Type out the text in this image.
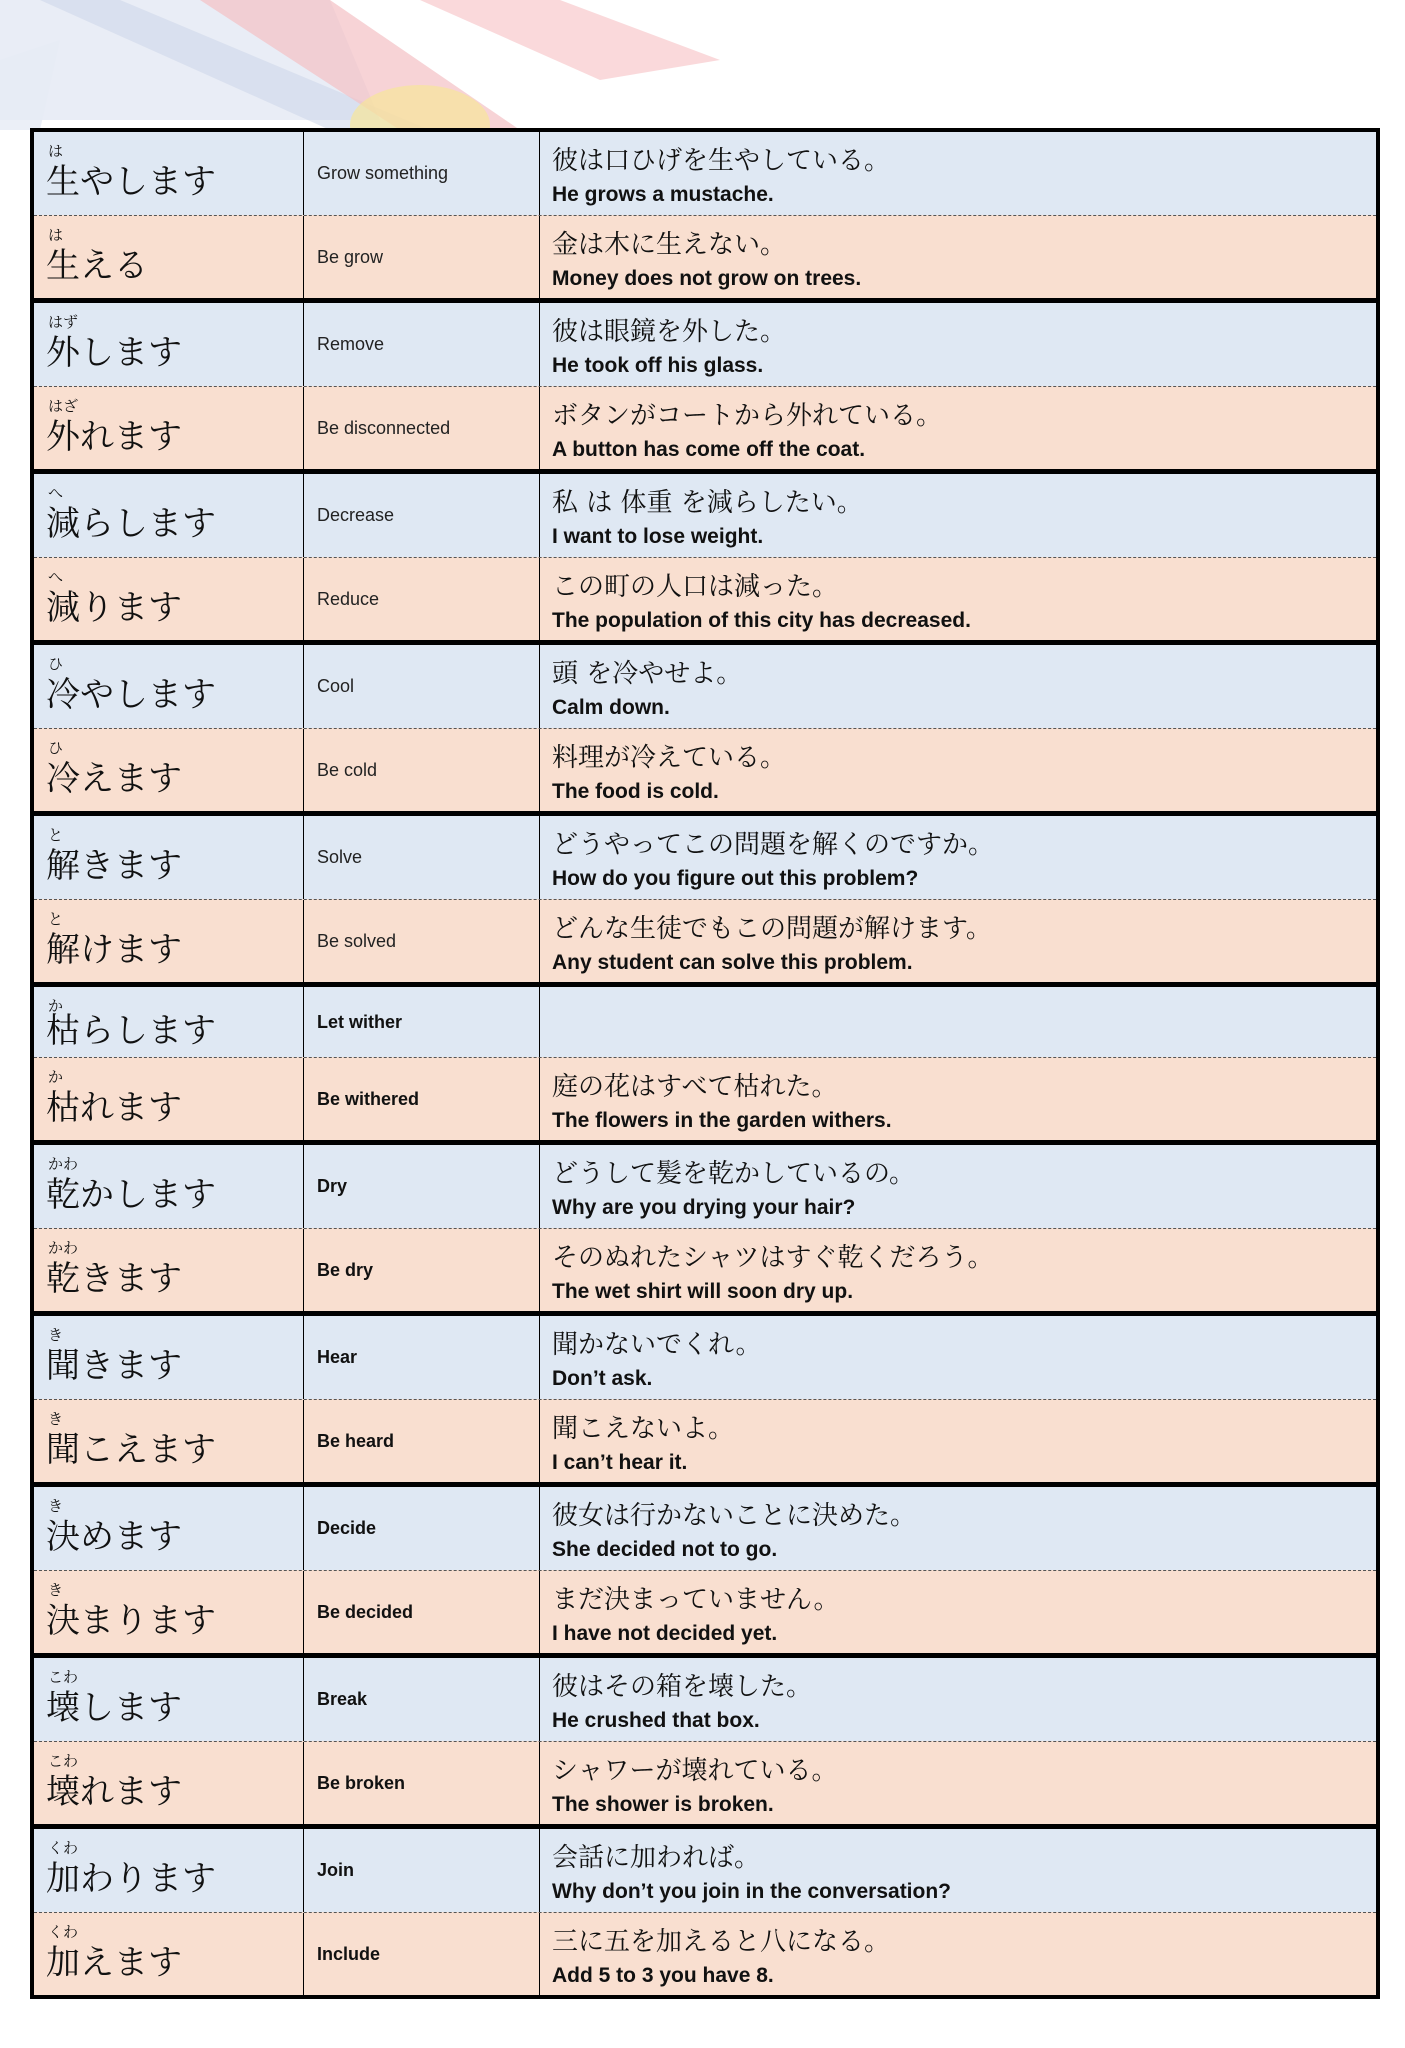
は
生やします	Grow something	彼は口ひげを生やしている。
He grows a mustache.
は
生える	Be grow	金は木に生えない。
Money does not grow on trees.
はず
外します	Remove	彼は眼鏡を外した。
He took off his glass.
はざ
外れます	Be disconnected	ボタンがコートから外れている。
A button has come off the coat.
へ
減らします	Decrease	私 は 体重 を減らしたい。
I want to lose weight.
へ
減ります	Reduce	この町の人口は減った。
The population of this city has decreased.
ひ
冷やします	Cool	頭 を冷やせよ。
Calm down.
ひ
冷えます	Be cold	料理が冷えている。
The food is cold.
と
解きます	Solve	どうやってこの問題を解くのですか。
How do you figure out this problem?
と
解けます	Be solved	どんな生徒でもこの問題が解けます。
Any student can solve this problem.
か
枯らします	Let wither
か
枯れます	Be withered	庭の花はすべて枯れた。
The flowers in the garden withers.
かわ
乾かします	Dry	どうして髪を乾かしているの。
Why are you drying your hair?
かわ
乾きます	Be dry	そのぬれたシャツはすぐ乾くだろう。
The wet shirt will soon dry up.
き
聞きます	Hear	聞かないでくれ。
Don’t ask.
き
聞こえます	Be heard	聞こえないよ。
I can’t hear it.
き
決めます	Decide	彼女は行かないことに決めた。
She decided not to go.
き
決まります	Be decided	まだ決まっていません。
I have not decided yet.
こわ
壊します	Break	彼はその箱を壊した。
He crushed that box.
こわ
壊れます	Be broken	シャワーが壊れている。
The shower is broken.
くわ
加わります	Join	会話に加われば。
Why don’t you join in the conversation?
くわ
加えます	Include	三に五を加えると八になる。
Add 5 to 3 you have 8.
